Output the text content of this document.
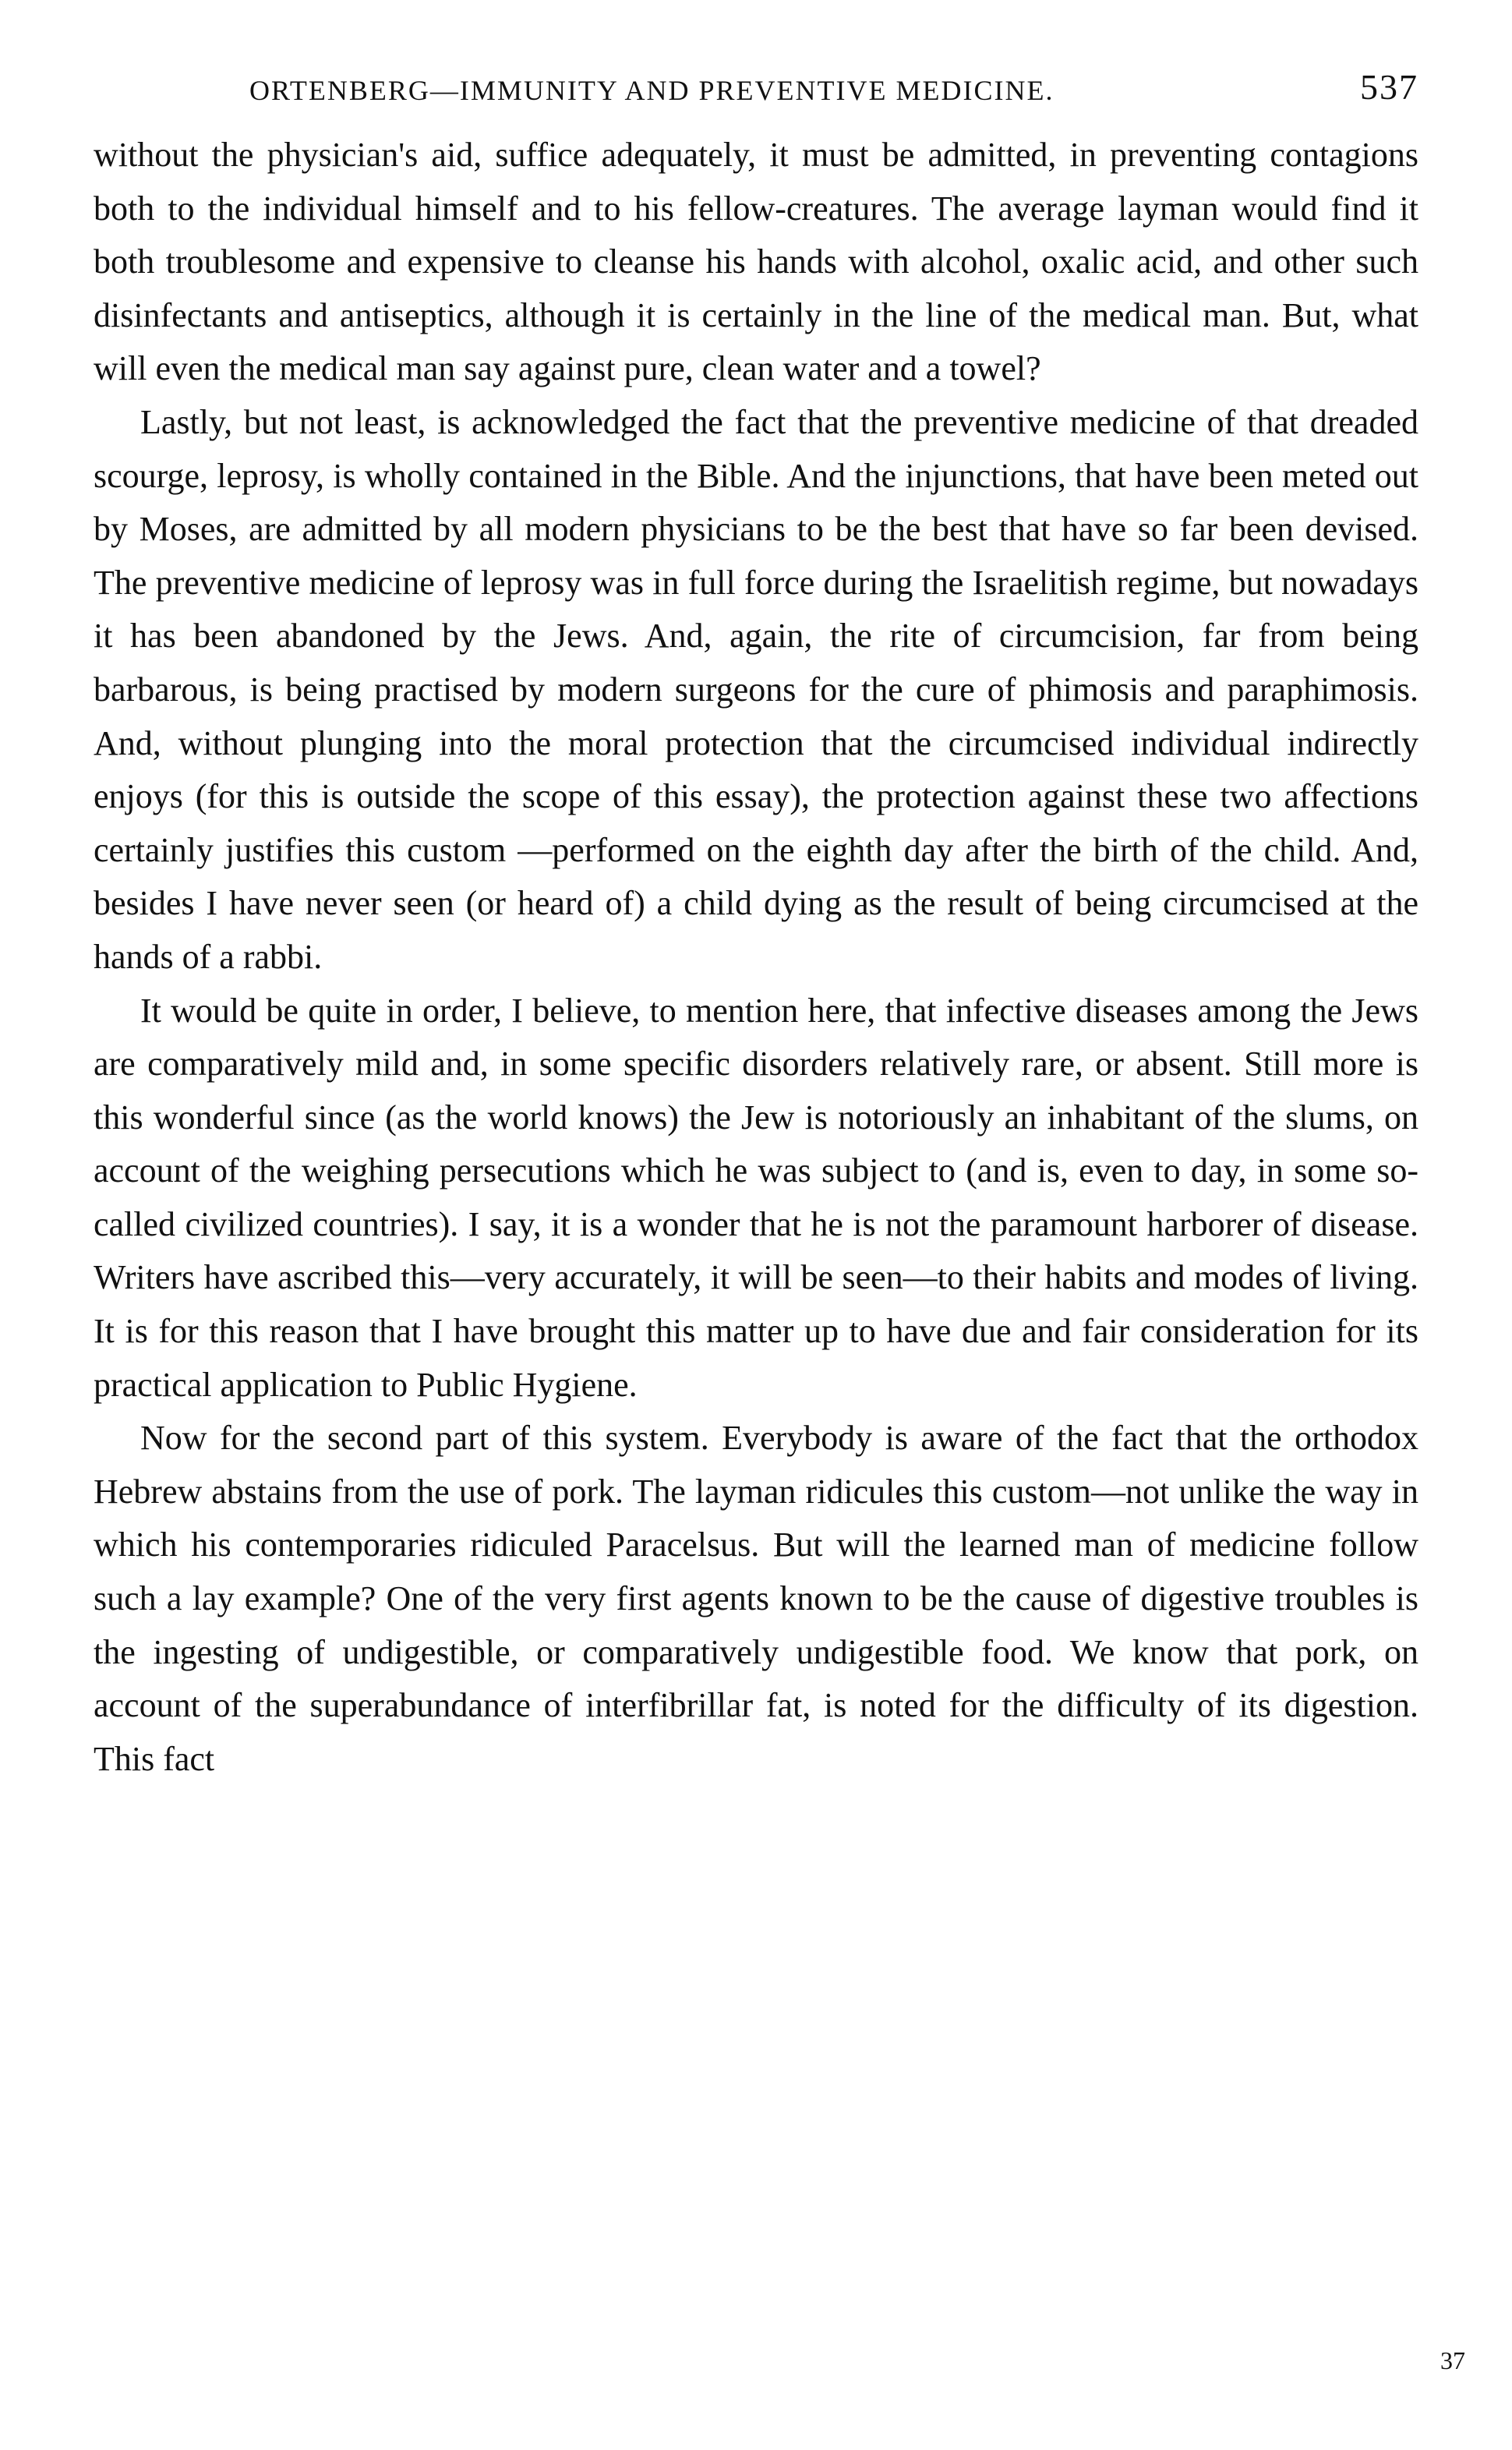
ORTENBERG—IMMUNITY AND PREVENTIVE MEDICINE.	537

without the physician's aid, suffice adequately, it must be admitted, in preventing contagions both to the individual himself and to his fellow-creatures. The average layman would find it both troublesome and expensive to cleanse his hands with alcohol, oxalic acid, and other such disinfectants and antiseptics, although it is certainly in the line of the medical man. But, what will even the medical man say against pure, clean water and a towel?

Lastly, but not least, is acknowledged the fact that the preventive medicine of that dreaded scourge, leprosy, is wholly contained in the Bible. And the injunctions, that have been meted out by Moses, are admitted by all modern physicians to be the best that have so far been devised. The preventive medicine of leprosy was in full force during the Israelitish regime, but nowadays it has been abandoned by the Jews. And, again, the rite of circumcision, far from being barbarous, is being practised by modern surgeons for the cure of phimosis and paraphimosis. And, without plunging into the moral protection that the circumcised individual indirectly enjoys (for this is outside the scope of this essay), the protection against these two affections certainly justifies this custom —performed on the eighth day after the birth of the child. And, besides I have never seen (or heard of) a child dying as the result of being circumcised at the hands of a rabbi.

It would be quite in order, I believe, to mention here, that infective diseases among the Jews are comparatively mild and, in some specific disorders relatively rare, or absent. Still more is this wonderful since (as the world knows) the Jew is notoriously an inhabitant of the slums, on account of the weighing persecutions which he was subject to (and is, even to day, in some so-called civilized countries). I say, it is a wonder that he is not the paramount harborer of disease. Writers have ascribed this—very accurately, it will be seen—to their habits and modes of living. It is for this reason that I have brought this matter up to have due and fair consideration for its practical application to Public Hygiene.

Now for the second part of this system. Everybody is aware of the fact that the orthodox Hebrew abstains from the use of pork. The layman ridicules this custom—not unlike the way in which his contemporaries ridiculed Paracelsus. But will the learned man of medicine follow such a lay example? One of the very first agents known to be the cause of digestive troubles is the ingesting of undigestible, or comparatively undigestible food. We know that pork, on account of the superabundance of interfibrillar fat, is noted for the difficulty of its digestion. This fact

37
